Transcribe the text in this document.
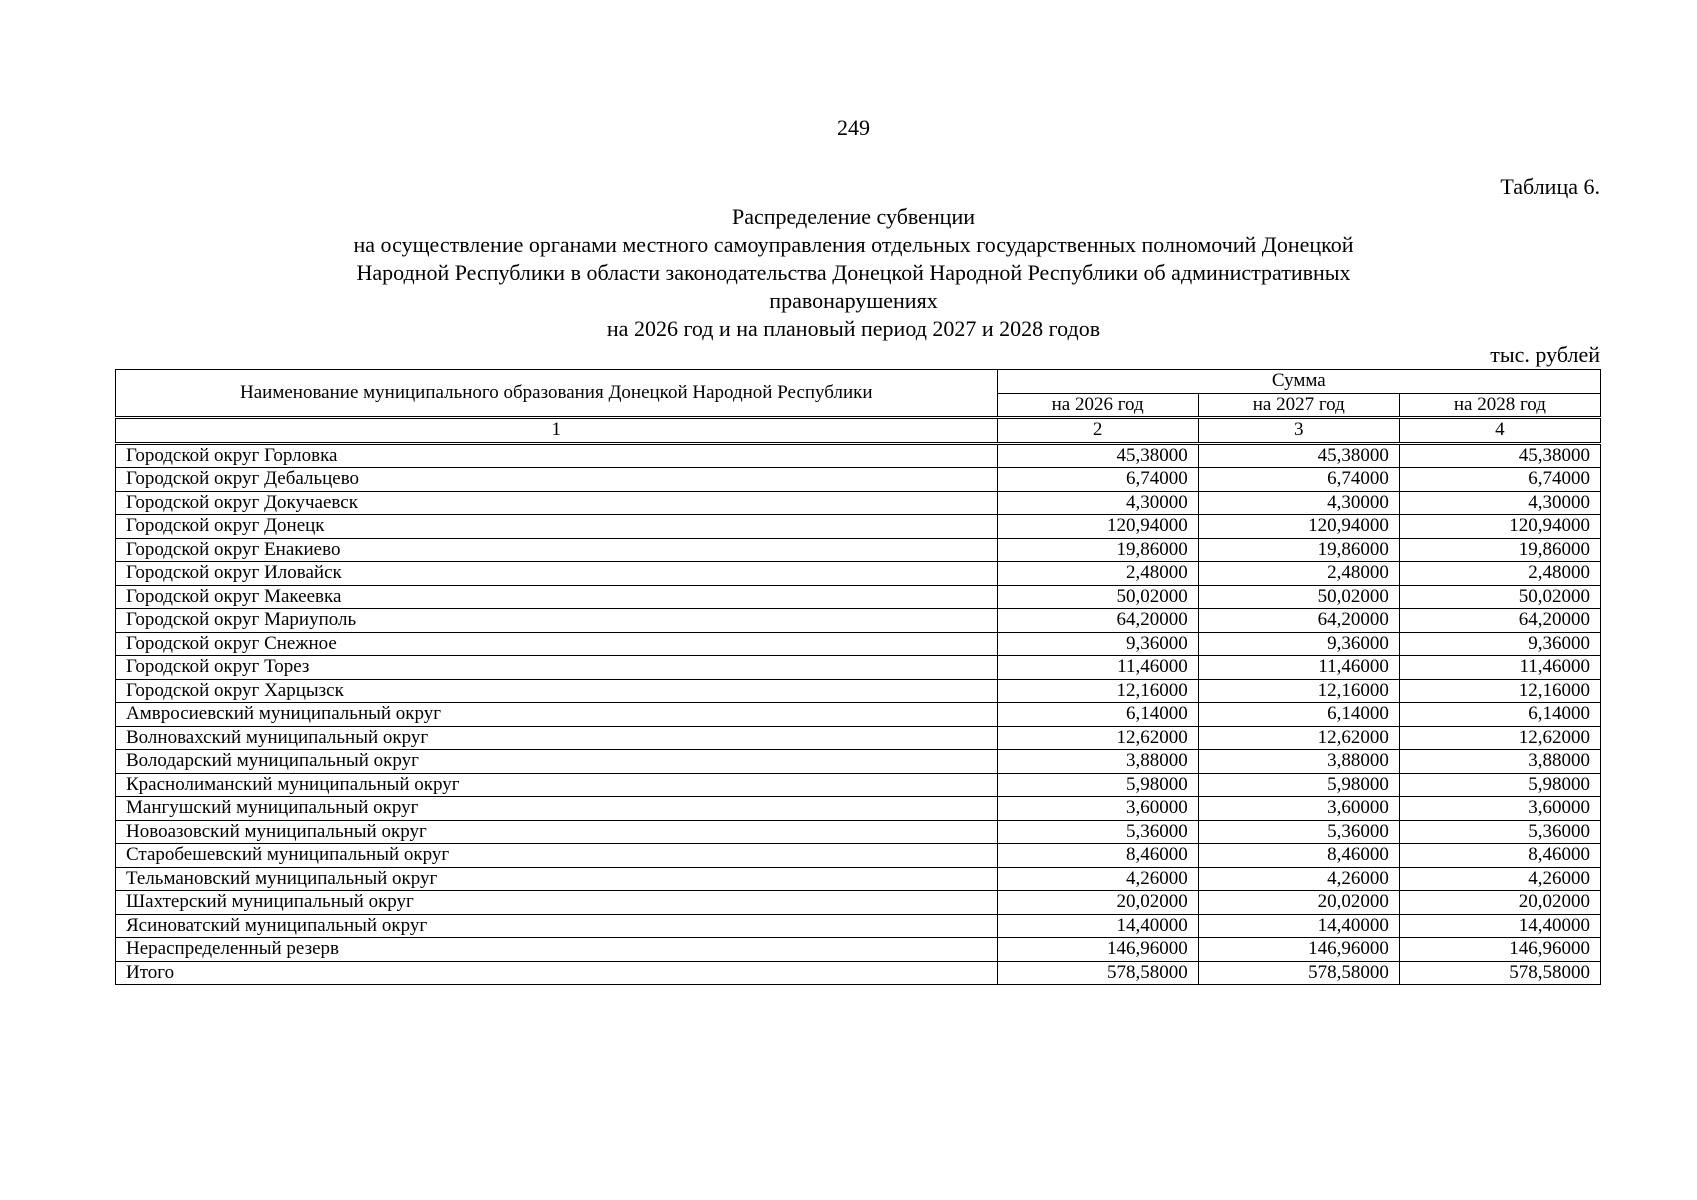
249
Таблица 6.
Распределение субвенции
на осуществление органами местного самоуправления отдельных государственных полномочий Донецкой
Народной Республики в области законодательства Донецкой Народной Республики об административных
правонарушениях
на 2026 год и на плановый период 2027 и 2028 годов
тыс. рублей
Наименование муниципального образования Донецкой Народной Республики	Сумма		
	на 2026 год	на 2027 год	на 2028 год
1	2	3	4
Городской округ Горловка	45,38000	45,38000	45,38000
Городской округ Дебальцево	6,74000	6,74000	6,74000
Городской округ Докучаевск	4,30000	4,30000	4,30000
Городской округ Донецк	120,94000	120,94000	120,94000
Городской округ Енакиево	19,86000	19,86000	19,86000
Городской округ Иловайск	2,48000	2,48000	2,48000
Городской округ Макеевка	50,02000	50,02000	50,02000
Городской округ Мариуполь	64,20000	64,20000	64,20000
Городской округ Снежное	9,36000	9,36000	9,36000
Городской округ Торез	11,46000	11,46000	11,46000
Городской округ Харцызск	12,16000	12,16000	12,16000
Амвросиевский муниципальный округ	6,14000	6,14000	6,14000
Волновахский муниципальный округ	12,62000	12,62000	12,62000
Володарский муниципальный округ	3,88000	3,88000	3,88000
Краснолиманский муниципальный округ	5,98000	5,98000	5,98000
Мангушский муниципальный округ	3,60000	3,60000	3,60000
Новоазовский муниципальный округ	5,36000	5,36000	5,36000
Старобешевский муниципальный округ	8,46000	8,46000	8,46000
Тельмановский муниципальный округ	4,26000	4,26000	4,26000
Шахтерский муниципальный округ	20,02000	20,02000	20,02000
Ясиноватский муниципальный округ	14,40000	14,40000	14,40000
Нераспределенный резерв	146,96000	146,96000	146,96000
Итого	578,58000	578,58000	578,58000
